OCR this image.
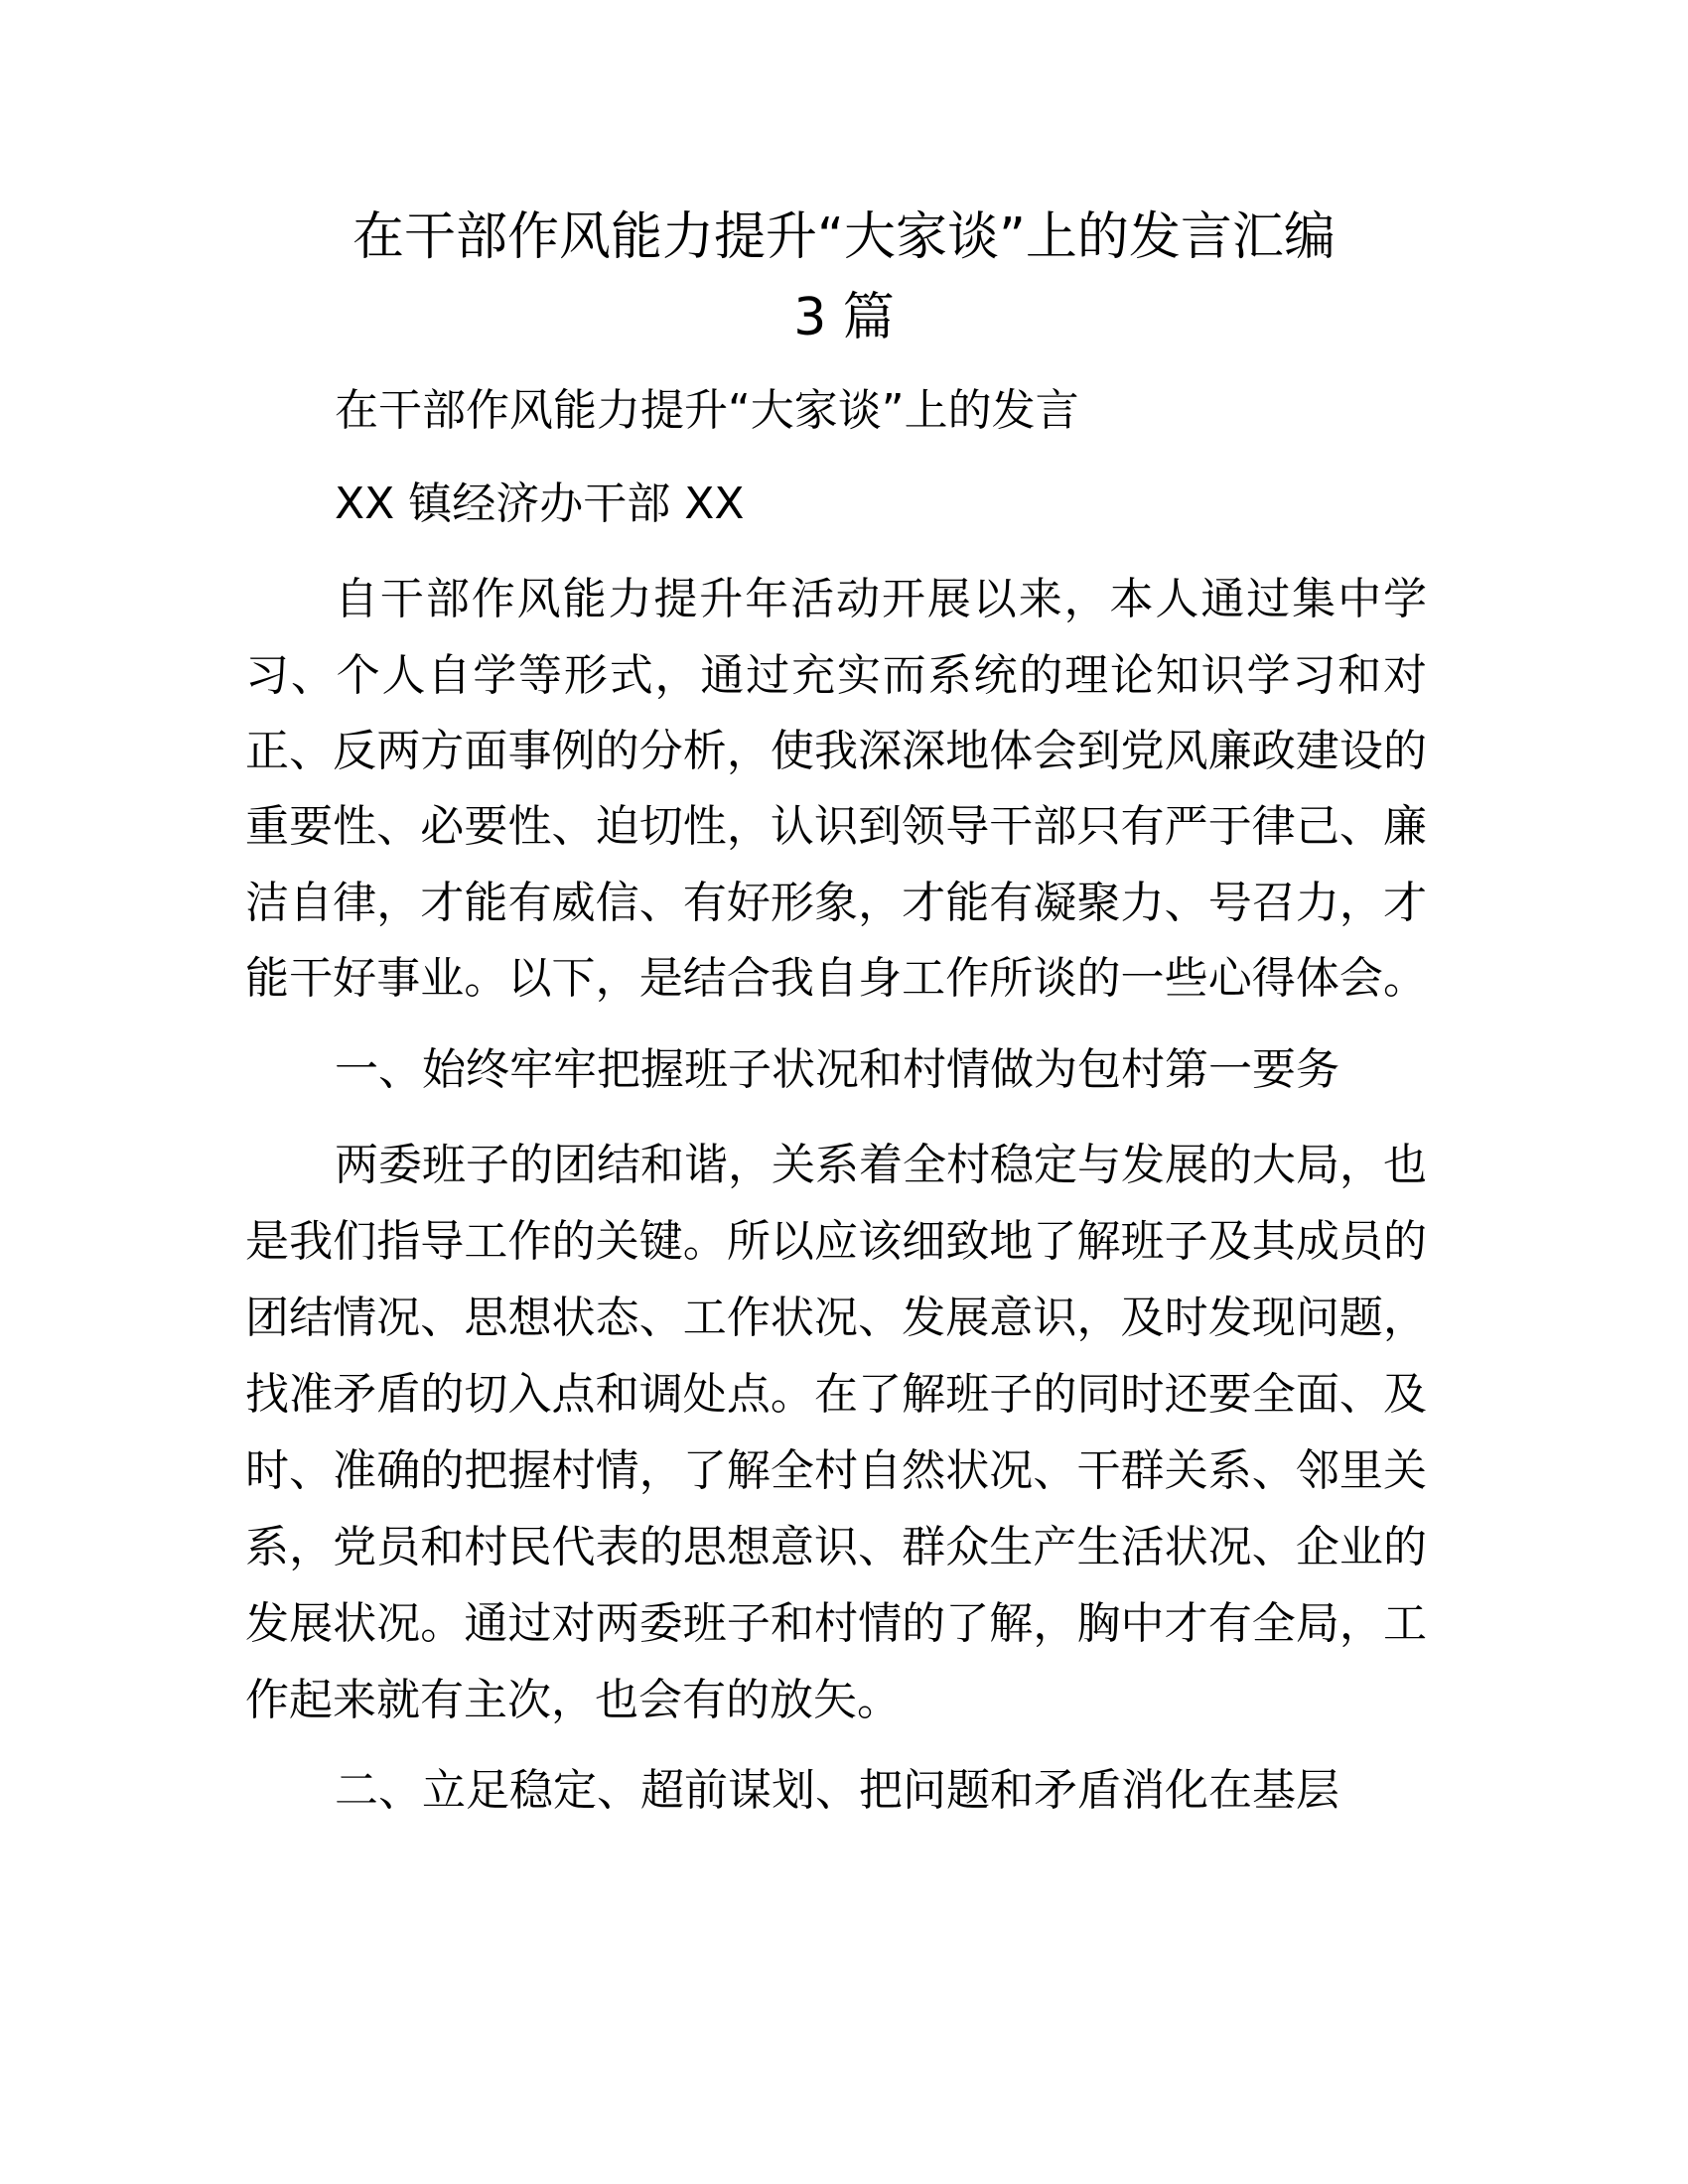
在干部作风能力提升“大家谈”上的发言汇编
3 篇
在干部作风能力提升“大家谈”上的发言
XX 镇经济办干部 XX
自干部作风能力提升年活动开展以来，本人通过集中学
习、个人自学等形式，通过充实而系统的理论知识学习和对
正、反两方面事例的分析，使我深深地体会到党风廉政建设的
重要性、必要性、迫切性，认识到领导干部只有严于律己、廉
洁自律，才能有威信、有好形象，才能有凝聚力、号召力，才
能干好事业。以下，是结合我自身工作所谈的一些心得体会。
一、始终牢牢把握班子状况和村情做为包村第一要务
两委班子的团结和谐，关系着全村稳定与发展的大局，也
是我们指导工作的关键。所以应该细致地了解班子及其成员的
团结情况、思想状态、工作状况、发展意识，及时发现问题，
找准矛盾的切入点和调处点。在了解班子的同时还要全面、及
时、准确的把握村情，了解全村自然状况、干群关系、邻里关
系，党员和村民代表的思想意识、群众生产生活状况、企业的
发展状况。通过对两委班子和村情的了解，胸中才有全局，工
作起来就有主次，也会有的放矢。
二、立足稳定、超前谋划、把问题和矛盾消化在基层
